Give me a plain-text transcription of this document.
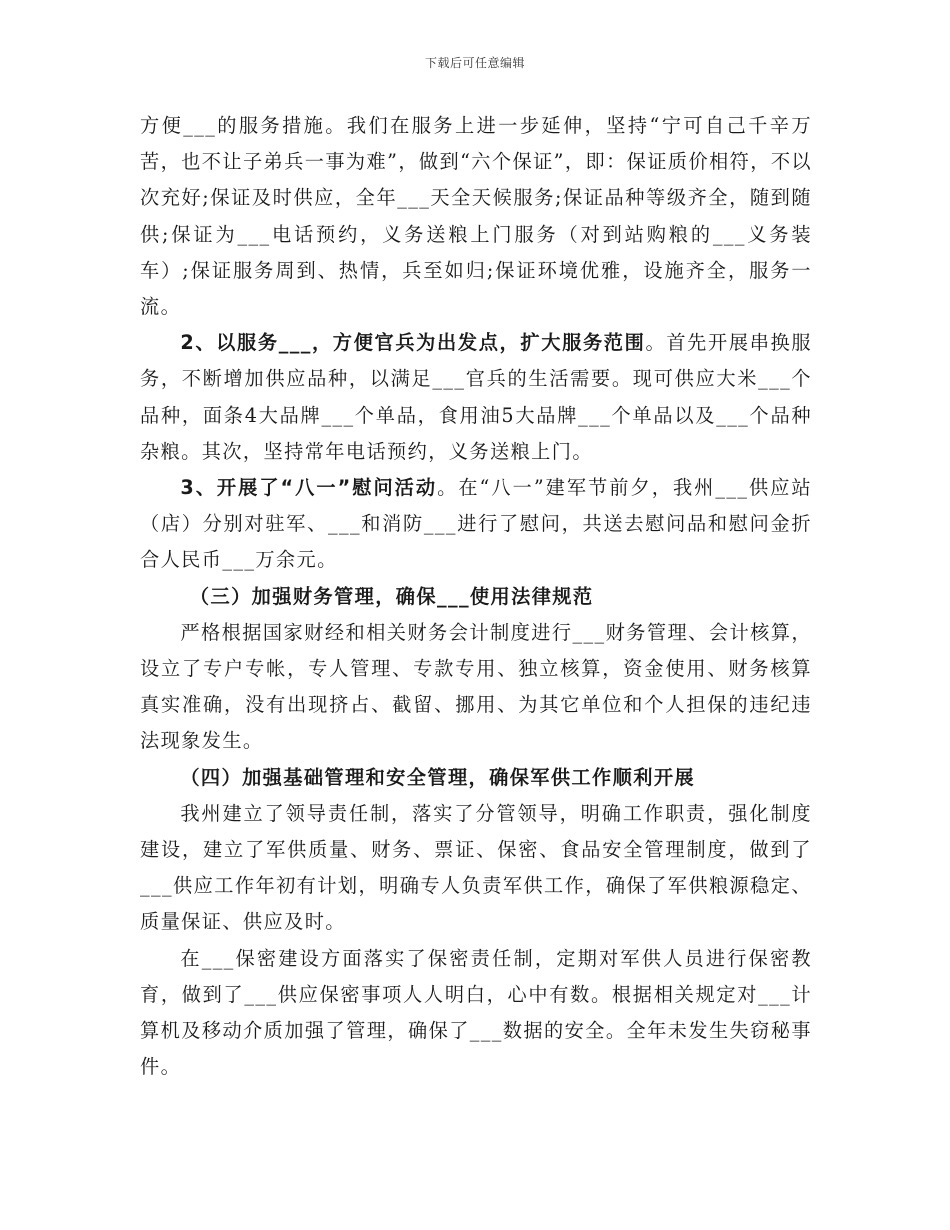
下载后可任意编辑

方便___的服务措施。我们在服务上进一步延伸，坚持“宁可自己千辛万苦，也不让子弟兵一事为难”，做到“六个保证”，即：保证质价相符，不以次充好;保证及时供应，全年___天全天候服务;保证品种等级齐全，随到随供;保证为___电话预约，义务送粮上门服务（对到站购粮的___义务装车）;保证服务周到、热情，兵至如归;保证环境优雅，设施齐全，服务一流。

2、以服务___，方便官兵为出发点，扩大服务范围。首先开展串换服务，不断增加供应品种，以满足___官兵的生活需要。现可供应大米___个品种，面条4大品牌___个单品，食用油5大品牌___个单品以及___个品种杂粮。其次，坚持常年电话预约，义务送粮上门。

3、开展了“八一”慰问活动。在“八一”建军节前夕，我州___供应站（店）分别对驻军、___和消防___进行了慰问，共送去慰问品和慰问金折合人民币___万余元。

（三）加强财务管理，确保___使用法律规范

严格根据国家财经和相关财务会计制度进行___财务管理、会计核算，设立了专户专帐，专人管理、专款专用、独立核算，资金使用、财务核算真实准确，没有出现挤占、截留、挪用、为其它单位和个人担保的违纪违法现象发生。

（四）加强基础管理和安全管理，确保军供工作顺利开展

我州建立了领导责任制，落实了分管领导，明确工作职责，强化制度建设，建立了军供质量、财务、票证、保密、食品安全管理制度，做到了___供应工作年初有计划，明确专人负责军供工作，确保了军供粮源稳定、质量保证、供应及时。

在___保密建设方面落实了保密责任制，定期对军供人员进行保密教育，做到了___供应保密事项人人明白，心中有数。根据相关规定对___计算机及移动介质加强了管理，确保了___数据的安全。全年未发生失窃秘事件。
